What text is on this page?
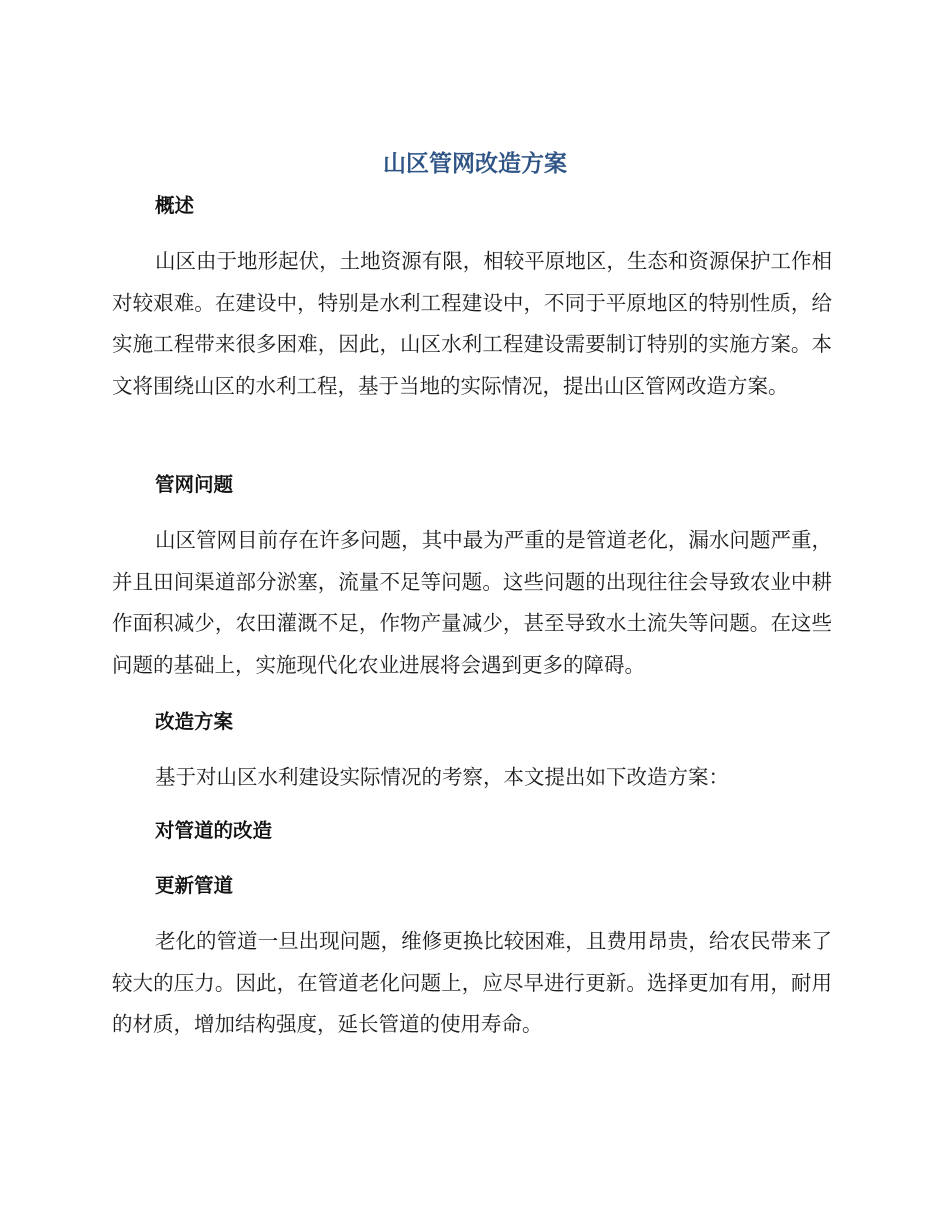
山区管网改造方案
概述

山区由于地形起伏，土地资源有限，相较平原地区，生态和资源保护工作相对较艰难。在建设中，特别是水利工程建设中，不同于平原地区的特别性质，给实施工程带来很多困难，因此，山区水利工程建设需要制订特别的实施方案。本文将围绕山区的水利工程，基于当地的实际情况，提出山区管网改造方案。

管网问题

山区管网目前存在许多问题，其中最为严重的是管道老化，漏水问题严重，并且田间渠道部分淤塞，流量不足等问题。这些问题的出现往往会导致农业中耕作面积减少，农田灌溉不足，作物产量减少，甚至导致水土流失等问题。在这些问题的基础上，实施现代化农业进展将会遇到更多的障碍。

改造方案

基于对山区水利建设实际情况的考察，本文提出如下改造方案：

对管道的改造
更新管道

老化的管道一旦出现问题，维修更换比较困难，且费用昂贵，给农民带来了较大的压力。因此，在管道老化问题上，应尽早进行更新。选择更加有用，耐用的材质，增加结构强度，延长管道的使用寿命。
